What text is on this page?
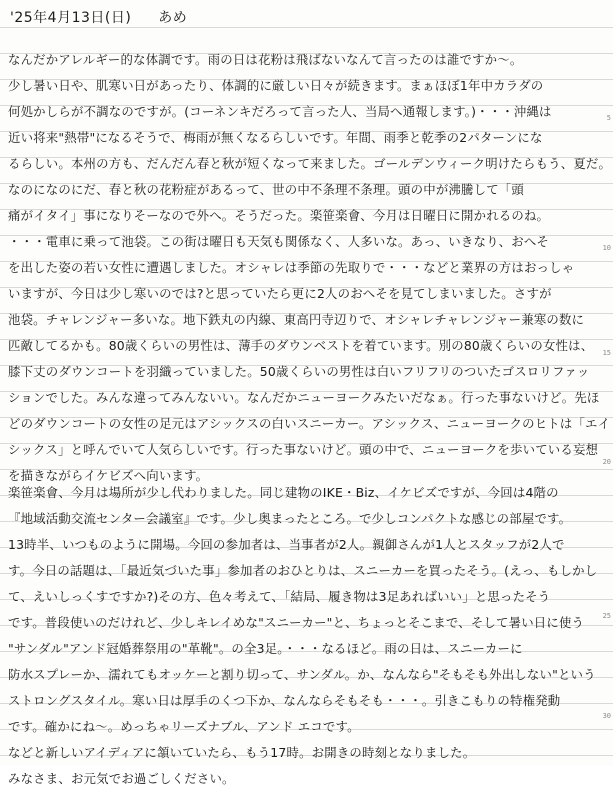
'25年4月13日(日) あめ
なんだかアレルギー的な体調です。雨の日は花粉は飛ばないなんて言ったのは誰ですか〜。
少し暑い日や、肌寒い日があったり、体調的に厳しい日々が続きます。まぁほぼ1年中カラダの
何処かしらが不調なのですが。(コーネンキだろって言った人、当局へ通報します。)・・・沖縄は
近い将来"熱帯"になるそうで、梅雨が無くなるらしいです。年間、雨季と乾季の2パターンにな
るらしい。本州の方も、だんだん春と秋が短くなって来ました。ゴールデンウィーク明けたらもう、夏だ。
なのになのにだ、春と秋の花粉症があるって、世の中不条理不条理。頭の中が沸騰して「頭
痛がイタイ」事になりそーなので外へ。そうだった。楽笹楽會、今月は日曜日に開かれるのね。
・・・電車に乗って池袋。この街は曜日も天気も関係なく、人多いな。あっ、いきなり、おへそ
を出した姿の若い女性に遭遇しました。オシャレは季節の先取りで・・・などと業界の方はおっしゃ
いますが、今日は少し寒いのでは?と思っていたら更に2人のおへそを見てしまいました。さすが
池袋。チャレンジャー多いな。地下鉄丸の内線、東高円寺辺りで、オシャレチャレンジャー兼寒の数に
匹敵してるかも。80歳くらいの男性は、薄手のダウンベストを着ています。別の80歳くらいの女性は、
膝下丈のダウンコートを羽織っていました。50歳くらいの男性は白いフリフリのついたゴスロリファッ
ションでした。みんな違ってみんないい。なんだかニューヨークみたいだなぁ。行った事ないけど。先ほ
どのダウンコートの女性の足元はアシックスの白いスニーカー。アシックス、ニューヨークのヒトは「エイ
シックス」と呼んでいて人気らしいです。行った事ないけど。頭の中で、ニューヨークを歩いている妄想
を描きながらイケビズへ向います。
楽笹楽會、今月は場所が少し代わりました。同じ建物のIKE・Biz、イケビズですが、今回は4階の
『地域活動交流センター会議室』です。少し奥まったところ。で少しコンパクトな感じの部屋です。
13時半、いつものように開場。今回の参加者は、当事者が2人。親御さんが1人とスタッフが2人で
す。今日の話題は、「最近気づいた事」参加者のおひとりは、スニーカーを買ったそう。(えっ、もしかし
て、えいしっくすですか?)その方、色々考えて、「結局、履き物は3足あればいい」と思ったそう
です。普段使いのだけれど、少しキレイめな"スニーカー"と、ちょっとそこまで、そして暑い日に使う
"サンダル"アンド冠婚葬祭用の"革靴"。の全3足。・・・なるほど。雨の日は、スニーカーに
防水スプレーか、濡れてもオッケーと割り切って、サンダル。か、なんなら"そもそも外出しない"という
ストロングスタイル。寒い日は厚手のくつ下か、なんならそもそも・・・。引きこもりの特権発動
です。確かにね〜。めっちゃリーズナブル、アンド エコです。
などと新しいアイディアに頷いていたら、もう17時。お開きの時刻となりました。
みなさま、お元気でお過ごしください。
5
10
15
20
25
30
